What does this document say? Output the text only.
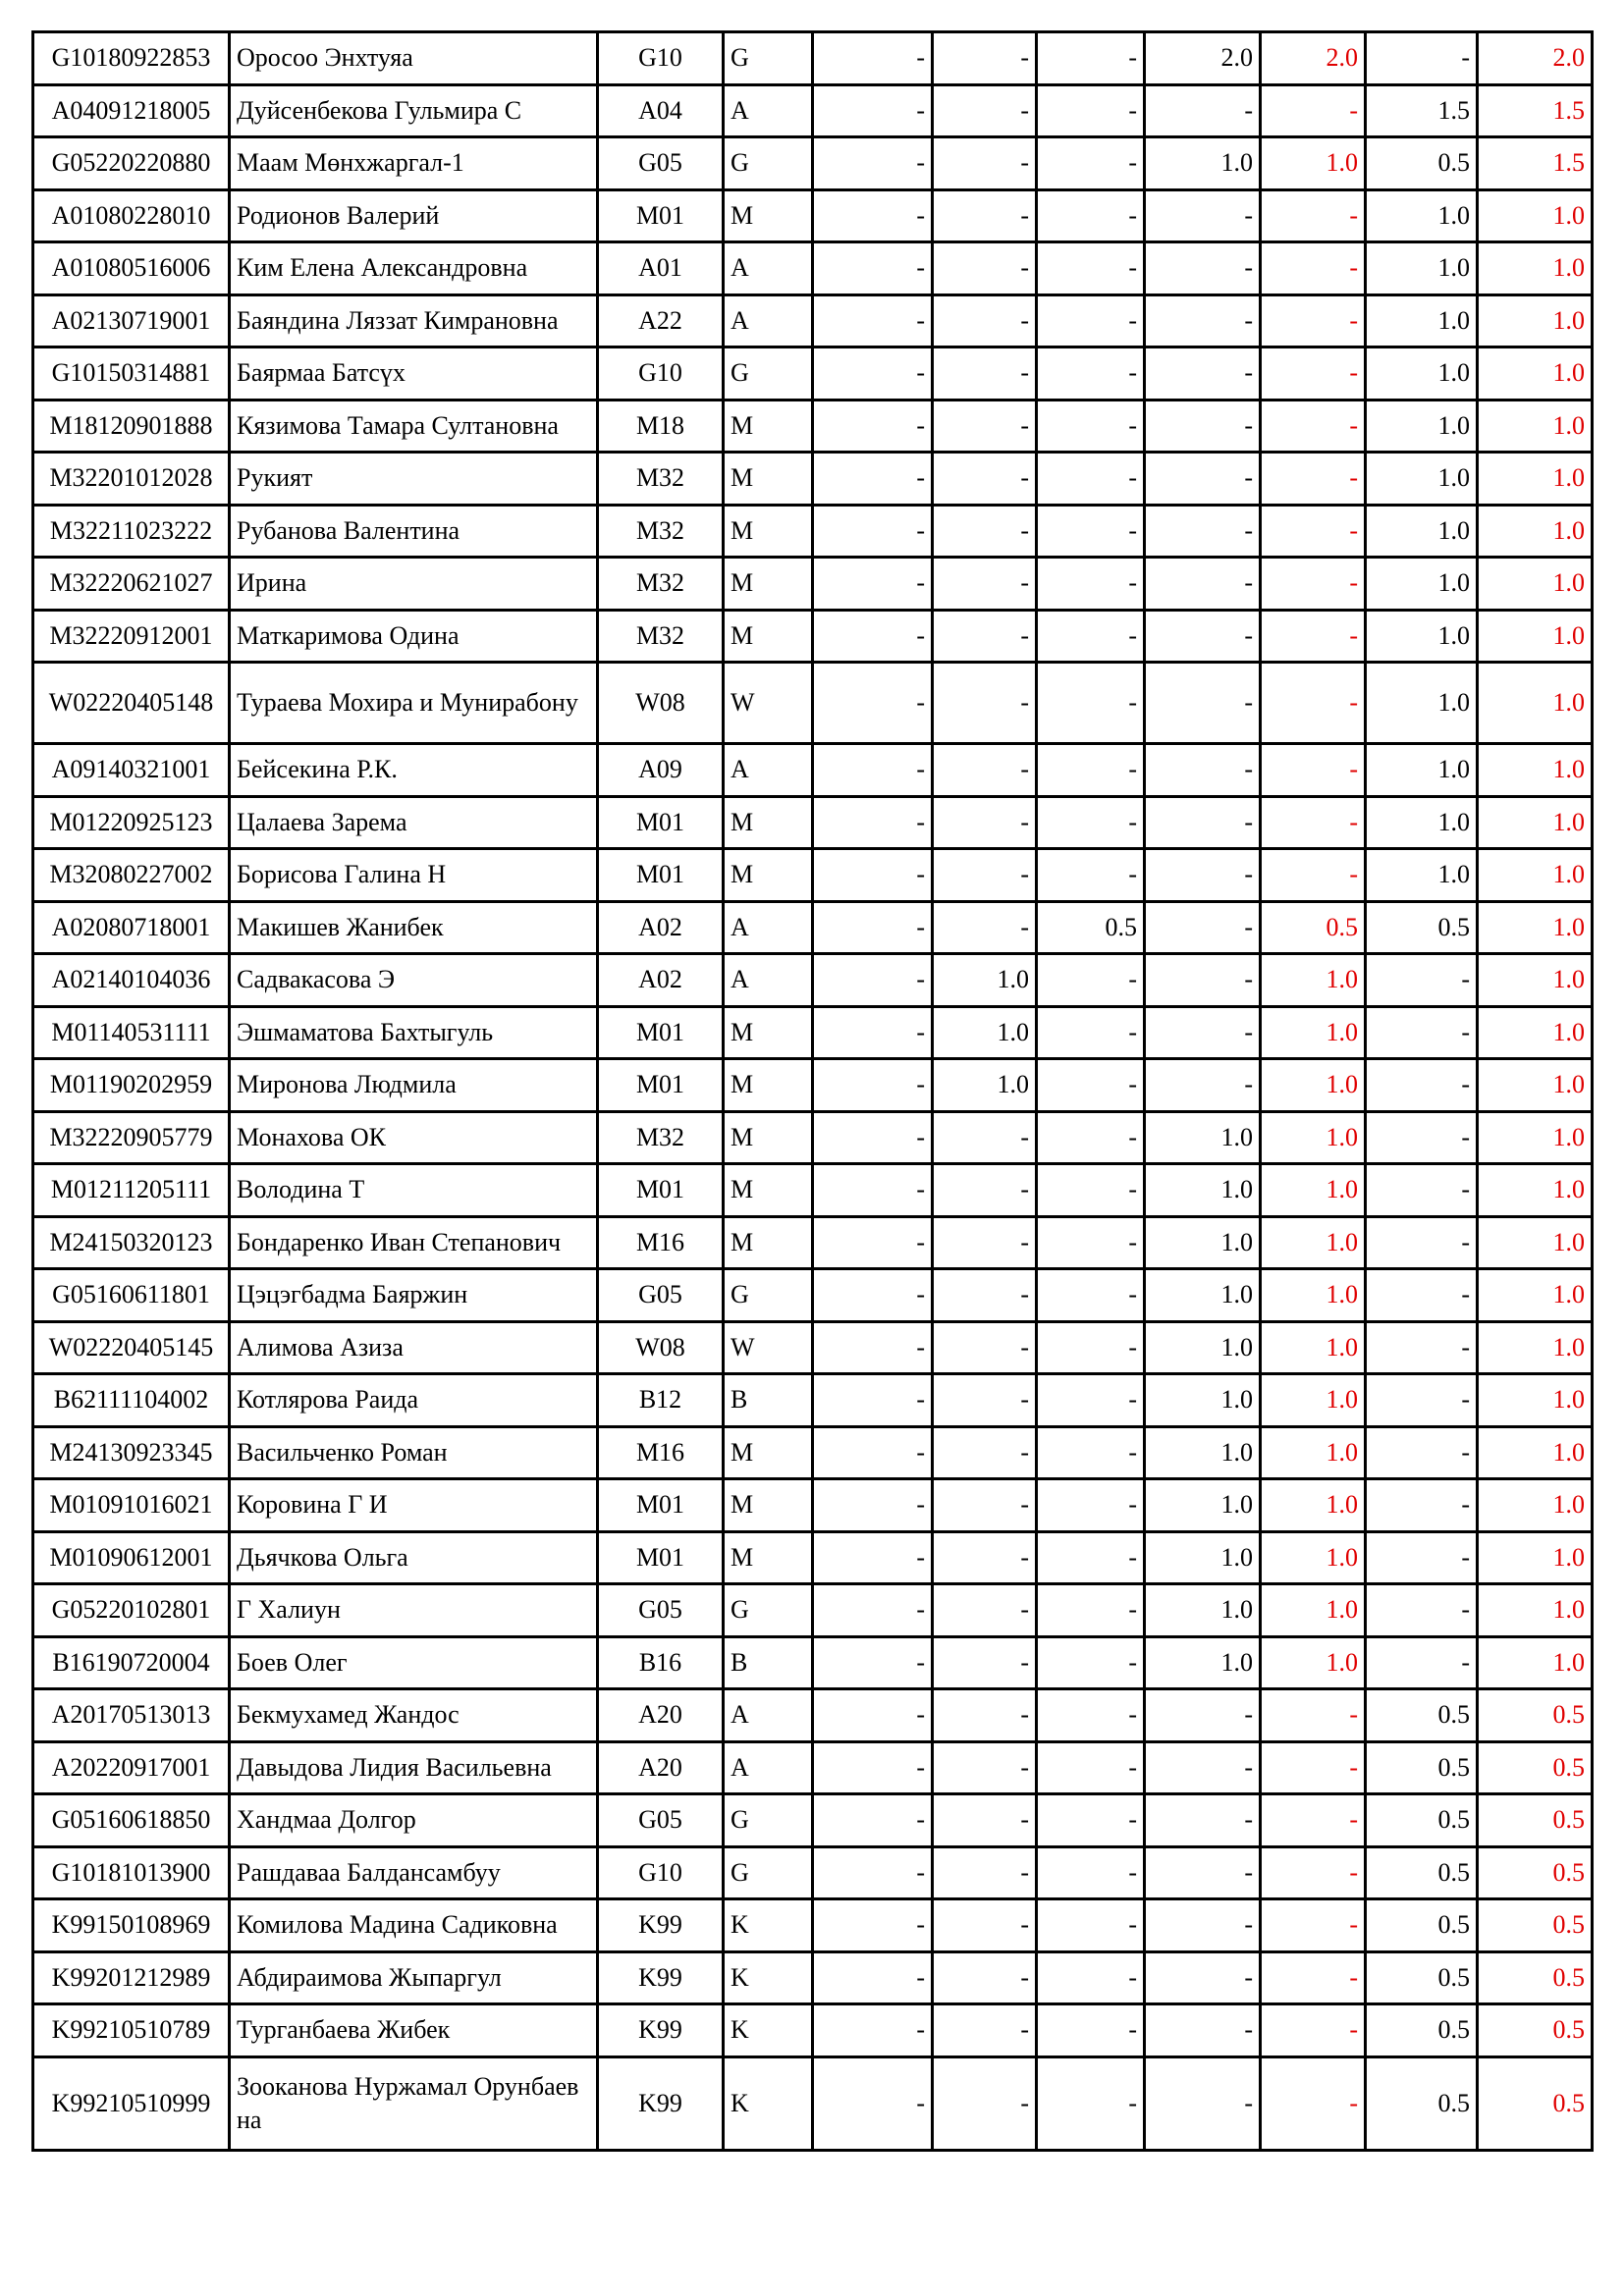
G10180922853	Оросоо Энхтуяа	G10	G	-	-	-	2.0	2.0	-	2.0
A04091218005	Дуйсенбекова Гульмира С	A04	A	-	-	-	-	-	1.5	1.5
G05220220880	Маам Мөнхжаргал-1	G05	G	-	-	-	1.0	1.0	0.5	1.5
A01080228010	Родионов Валерий	M01	M	-	-	-	-	-	1.0	1.0
A01080516006	Ким Елена Александровна	A01	A	-	-	-	-	-	1.0	1.0
A02130719001	Баяндина Ляззат Кимрановна	A22	A	-	-	-	-	-	1.0	1.0
G10150314881	Баярмаа Батсүх	G10	G	-	-	-	-	-	1.0	1.0
M18120901888	Кязимова Тамара Султановна	M18	M	-	-	-	-	-	1.0	1.0
M32201012028	Рукият	M32	M	-	-	-	-	-	1.0	1.0
M32211023222	Рубанова Валентина	M32	M	-	-	-	-	-	1.0	1.0
M32220621027	Ирина	M32	M	-	-	-	-	-	1.0	1.0
M32220912001	Маткаримова Одина	M32	M	-	-	-	-	-	1.0	1.0
W02220405148	Тураева Мохира и Мунирабону	W08	W	-	-	-	-	-	1.0	1.0
A09140321001	Бейсекина Р.К.	A09	A	-	-	-	-	-	1.0	1.0
M01220925123	Цалаева Зарема	M01	M	-	-	-	-	-	1.0	1.0
M32080227002	Борисова Галина Н	M01	M	-	-	-	-	-	1.0	1.0
A02080718001	Макишев Жанибек	A02	A	-	-	0.5	-	0.5	0.5	1.0
A02140104036	Садвакасова Э	A02	A	-	1.0	-	-	1.0	-	1.0
M01140531111	Эшмаматова Бахтыгуль	M01	M	-	1.0	-	-	1.0	-	1.0
M01190202959	Миронова Людмила	M01	M	-	1.0	-	-	1.0	-	1.0
M32220905779	Монахова ОК	M32	M	-	-	-	1.0	1.0	-	1.0
M01211205111	Володина Т	M01	M	-	-	-	1.0	1.0	-	1.0
M24150320123	Бондаренко Иван Степанович	M16	M	-	-	-	1.0	1.0	-	1.0
G05160611801	Цэцэгбадма Баяржин	G05	G	-	-	-	1.0	1.0	-	1.0
W02220405145	Алимова Азиза	W08	W	-	-	-	1.0	1.0	-	1.0
B62111104002	Котлярова Раида	B12	B	-	-	-	1.0	1.0	-	1.0
M24130923345	Васильченко Роман	M16	M	-	-	-	1.0	1.0	-	1.0
M01091016021	Коровина Г И	M01	M	-	-	-	1.0	1.0	-	1.0
M01090612001	Дьячкова Ольга	M01	M	-	-	-	1.0	1.0	-	1.0
G05220102801	Г Халиун	G05	G	-	-	-	1.0	1.0	-	1.0
B16190720004	Боев Олег	B16	B	-	-	-	1.0	1.0	-	1.0
A20170513013	Бекмухамед Жандос	A20	A	-	-	-	-	-	0.5	0.5
A20220917001	Давыдова Лидия Васильевна	A20	A	-	-	-	-	-	0.5	0.5
G05160618850	Хандмаа Долгор	G05	G	-	-	-	-	-	0.5	0.5
G10181013900	Рашдаваа Балдансамбуу	G10	G	-	-	-	-	-	0.5	0.5
K99150108969	Комилова Мадина Садиковна	K99	K	-	-	-	-	-	0.5	0.5
K99201212989	Абдираимова Жыпаргул	K99	K	-	-	-	-	-	0.5	0.5
K99210510789	Турганбаева Жибек	K99	K	-	-	-	-	-	0.5	0.5
K99210510999	Зооканова Нуржамал Орунбаевна	K99	K	-	-	-	-	-	0.5	0.5
